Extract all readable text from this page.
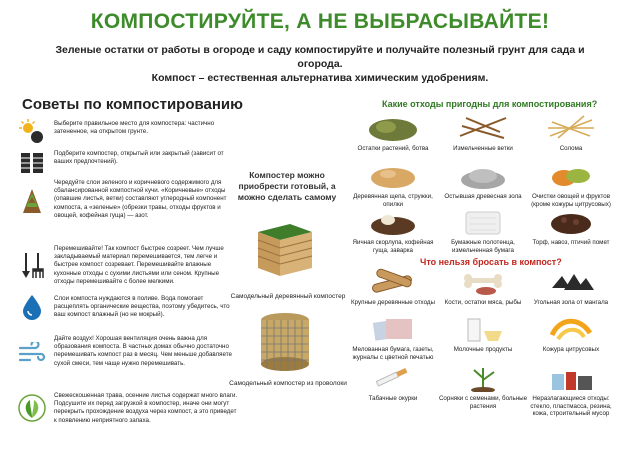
КОМПОСТИРУЙТЕ, А НЕ ВЫБРАСЫВАЙТЕ!
Зеленые остатки от работы в огороде и саду компостируйте и получайте полезный грунт для сада и огорода.
Компост – естественная альтернатива химическим удобрениям.
Советы по компостированию
Выберите правильное место для компостера: частично затененное, на открытом грунте.
Подберите компостер, открытый или закрытый (зависит от ваших предпочтений).
Чередуйте слои зеленого и коричневого содержимого для сбалансированной компостной кучи. «Коричневые» отходы (опавшие листья, ветки) составляют углеродный компонент компоста, а «зеленые» (обрезки травы, отходы фруктов и овощей, кофейная гуща) — азот.
Перемешивайте! Так компост быстрее созреет. Чем лучше закладываемый материал перемешивается, тем легче и быстрее компост созревает. Перемешивайте влажные кухонные отходы с сухими листьями или сеном. Крупные отходы перемешивайте с более мелкими.
Слои компоста нуждаются в поливе. Вода помогает расщеплять органические вещества, поэтому убедитесь, что ваш компост влажный (но не мокрый).
Дайте воздух! Хорошая вентиляция очень важна для образования компоста. В частных домах обычно достаточно перемешивать компост раз в месяц. Чем меньше добавляете сухой смеси, тем чаще нужно перемешивать.
Свежескошенная трава, осенние листья содержат много влаги. Подсушите их перед загрузкой в компостер, иначе они могут перекрыть прохождение воздуха через компост, а это приведет к появлению неприятного запаха.
Компостер можно приобрести готовый, а можно сделать самому
Самодельный деревянный компостер
Самодельный компостер из проволоки
Какие отходы пригодны для компостирования?
Остатки растений, ботва	Измельченные ветки	Солома
Деревянная щепа, стружки, опилки
Остывшая древесная зола	Очистки овощей и фруктов (кроме кожуры цитрусовых)
Яичная скорлупа, кофейная гуща, заварка
Бумажные полотенца, измельченная бумага
Торф, навоз, птичий помет
Что нельзя бросать в компост?
Крупные деревянные отходы	Кости, остатки мяса, рыбы	Угольная зола от мангала
Мелованная бумага, газеты, журналы с цветной печатью
Молочные продукты	Кожура цитрусовых
Табачные окурки	Сорняки с семенами, больные растения
Неразлагающиеся отходы: стекло, пластмасса, резина, кожа, строительный мусор
